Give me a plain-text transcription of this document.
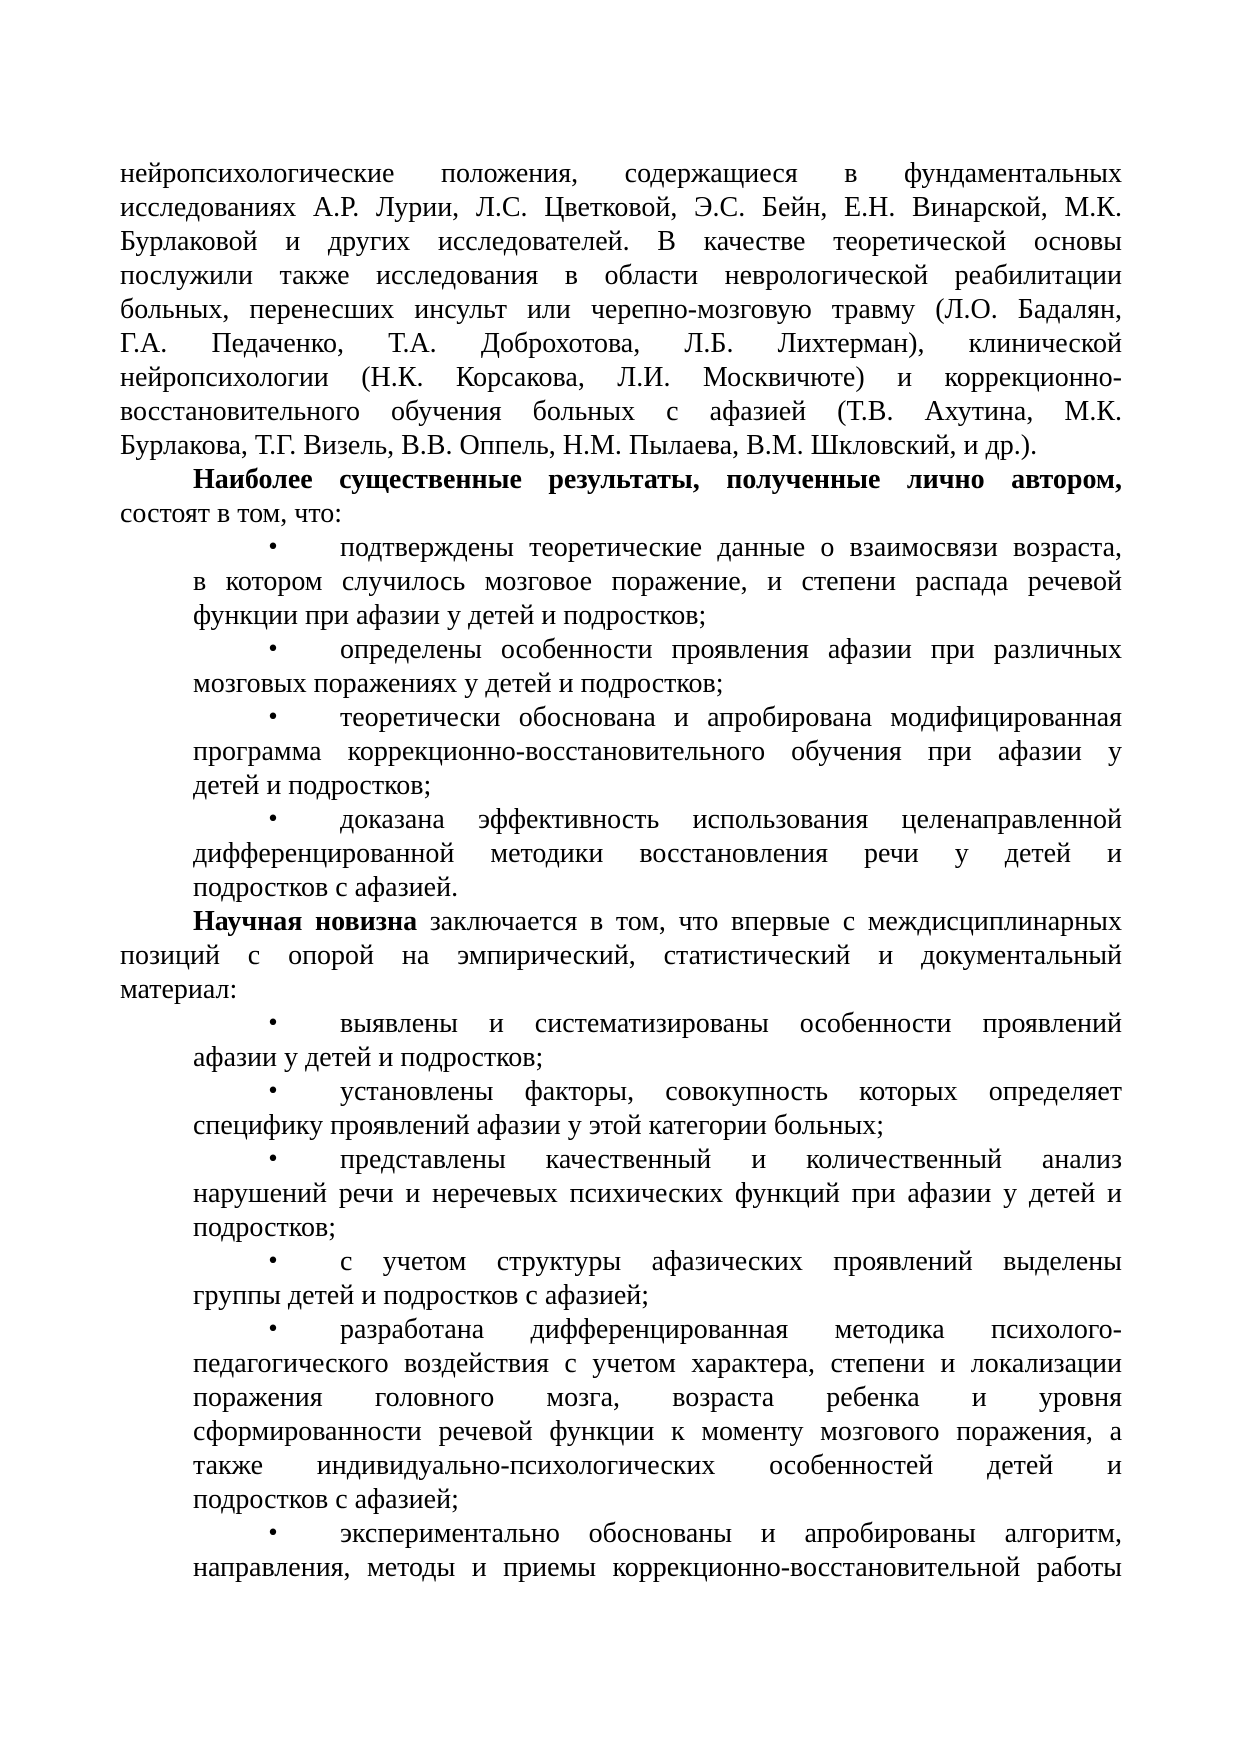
нейропсихологические положения, содержащиеся в фундаментальных
исследованиях А.Р. Лурии, Л.С. Цветковой, Э.С. Бейн, Е.Н. Винарской, М.К.
Бурлаковой и других исследователей. В качестве теоретической основы
послужили также исследования в области неврологической реабилитации
больных, перенесших инсульт или черепно-мозговую травму (Л.О. Бадалян,
Г.А. Педаченко, Т.А. Доброхотова, Л.Б. Лихтерман), клинической
нейропсихологии (Н.К. Корсакова, Л.И. Москвичюте) и коррекционно-
восстановительного обучения больных с афазией (Т.В. Ахутина, М.К.
Бурлакова, Т.Г. Визель, В.В. Оппель, Н.М. Пылаева, В.М. Шкловский, и др.).
Наиболее существенные результаты, полученные лично автором,
состоят в том, что:
• подтверждены теоретические данные о взаимосвязи возраста,
в котором случилось мозговое поражение, и степени распада речевой
функции при афазии у детей и подростков;
• определены особенности проявления афазии при различных
мозговых поражениях у детей и подростков;
• теоретически обоснована и апробирована модифицированная
программа коррекционно-восстановительного обучения при афазии у
детей и подростков;
• доказана эффективность использования целенаправленной
дифференцированной методики восстановления речи у детей и
подростков с афазией.
Научная новизна заключается в том, что впервые с междисциплинарных
позиций с опорой на эмпирический, статистический и документальный
материал:
• выявлены и систематизированы особенности проявлений
афазии у детей и подростков;
• установлены факторы, совокупность которых определяет
специфику проявлений афазии у этой категории больных;
• представлены качественный и количественный анализ
нарушений речи и неречевых психических функций при афазии у детей и
подростков;
• с учетом структуры афазических проявлений выделены
группы детей и подростков с афазией;
• разработана дифференцированная методика психолого-
педагогического воздействия с учетом характера, степени и локализации
поражения головного мозга, возраста ребенка и уровня
сформированности речевой функции к моменту мозгового поражения, а
также индивидуально-психологических особенностей детей и
подростков с афазией;
• экспериментально обоснованы и апробированы алгоритм,
направления, методы и приемы коррекционно-восстановительной работы
